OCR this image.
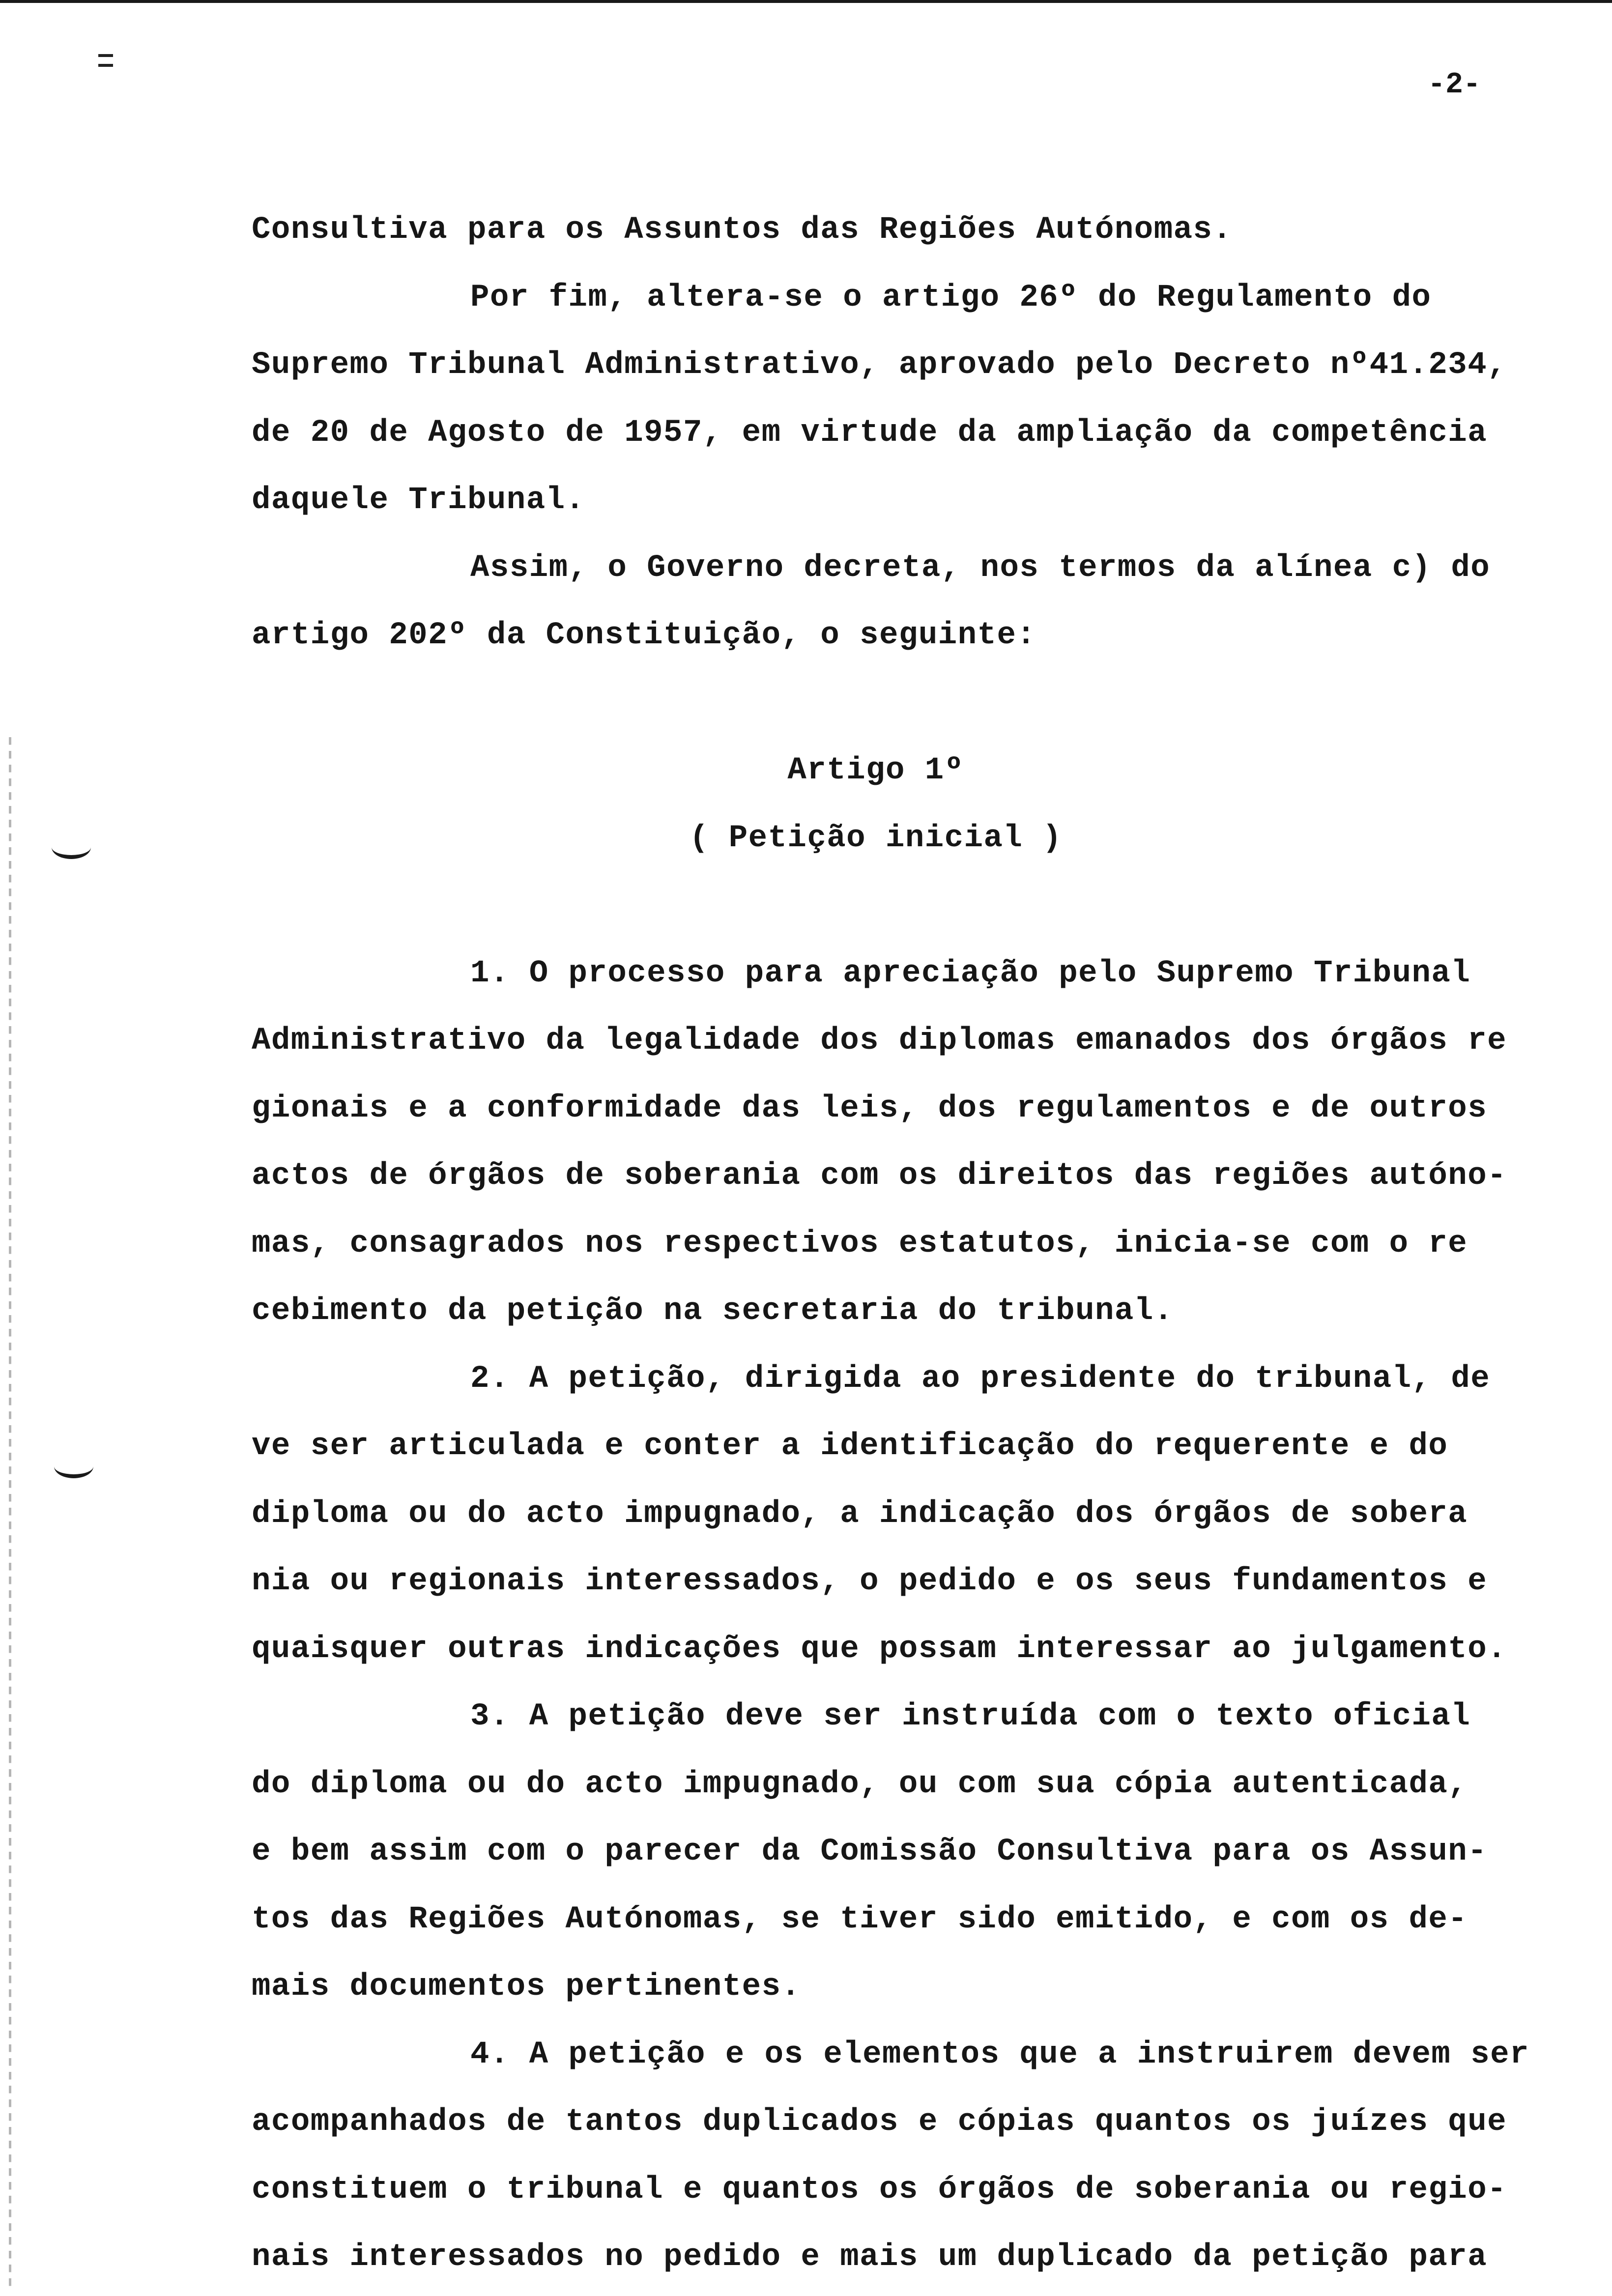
-2-
Consultiva para os Assuntos das Regiões Autónomas.
Por fim, altera-se o artigo 26º do Regulamento do
Supremo Tribunal Administrativo, aprovado pelo Decreto nº41.234,
de 20 de Agosto de 1957, em virtude da ampliação da competência
daquele Tribunal.
Assim, o Governo decreta, nos termos da alínea c) do
artigo 202º da Constituição, o seguinte:
Artigo 1º
( Petição inicial )
1. O processo para apreciação pelo Supremo Tribunal
Administrativo da legalidade dos diplomas emanados dos órgãos re
gionais e a conformidade das leis, dos regulamentos e de outros
actos de órgãos de soberania com os direitos das regiões autóno-
mas, consagrados nos respectivos estatutos, inicia-se com o re
cebimento da petição na secretaria do tribunal.
2. A petição, dirigida ao presidente do tribunal, de
ve ser articulada e conter a identificação do requerente e do
diploma ou do acto impugnado, a indicação dos órgãos de sobera
nia ou regionais interessados, o pedido e os seus fundamentos e
quaisquer outras indicações que possam interessar ao julgamento.
3. A petição deve ser instruída com o texto oficial
do diploma ou do acto impugnado, ou com sua cópia autenticada,
e bem assim com o parecer da Comissão Consultiva para os Assun-
tos das Regiões Autónomas, se tiver sido emitido, e com os de-
mais documentos pertinentes.
4. A petição e os elementos que a instruirem devem ser
acompanhados de tantos duplicados e cópias quantos os juízes que
constituem o tribunal e quantos os órgãos de soberania ou regio-
nais interessados no pedido e mais um duplicado da petição para
